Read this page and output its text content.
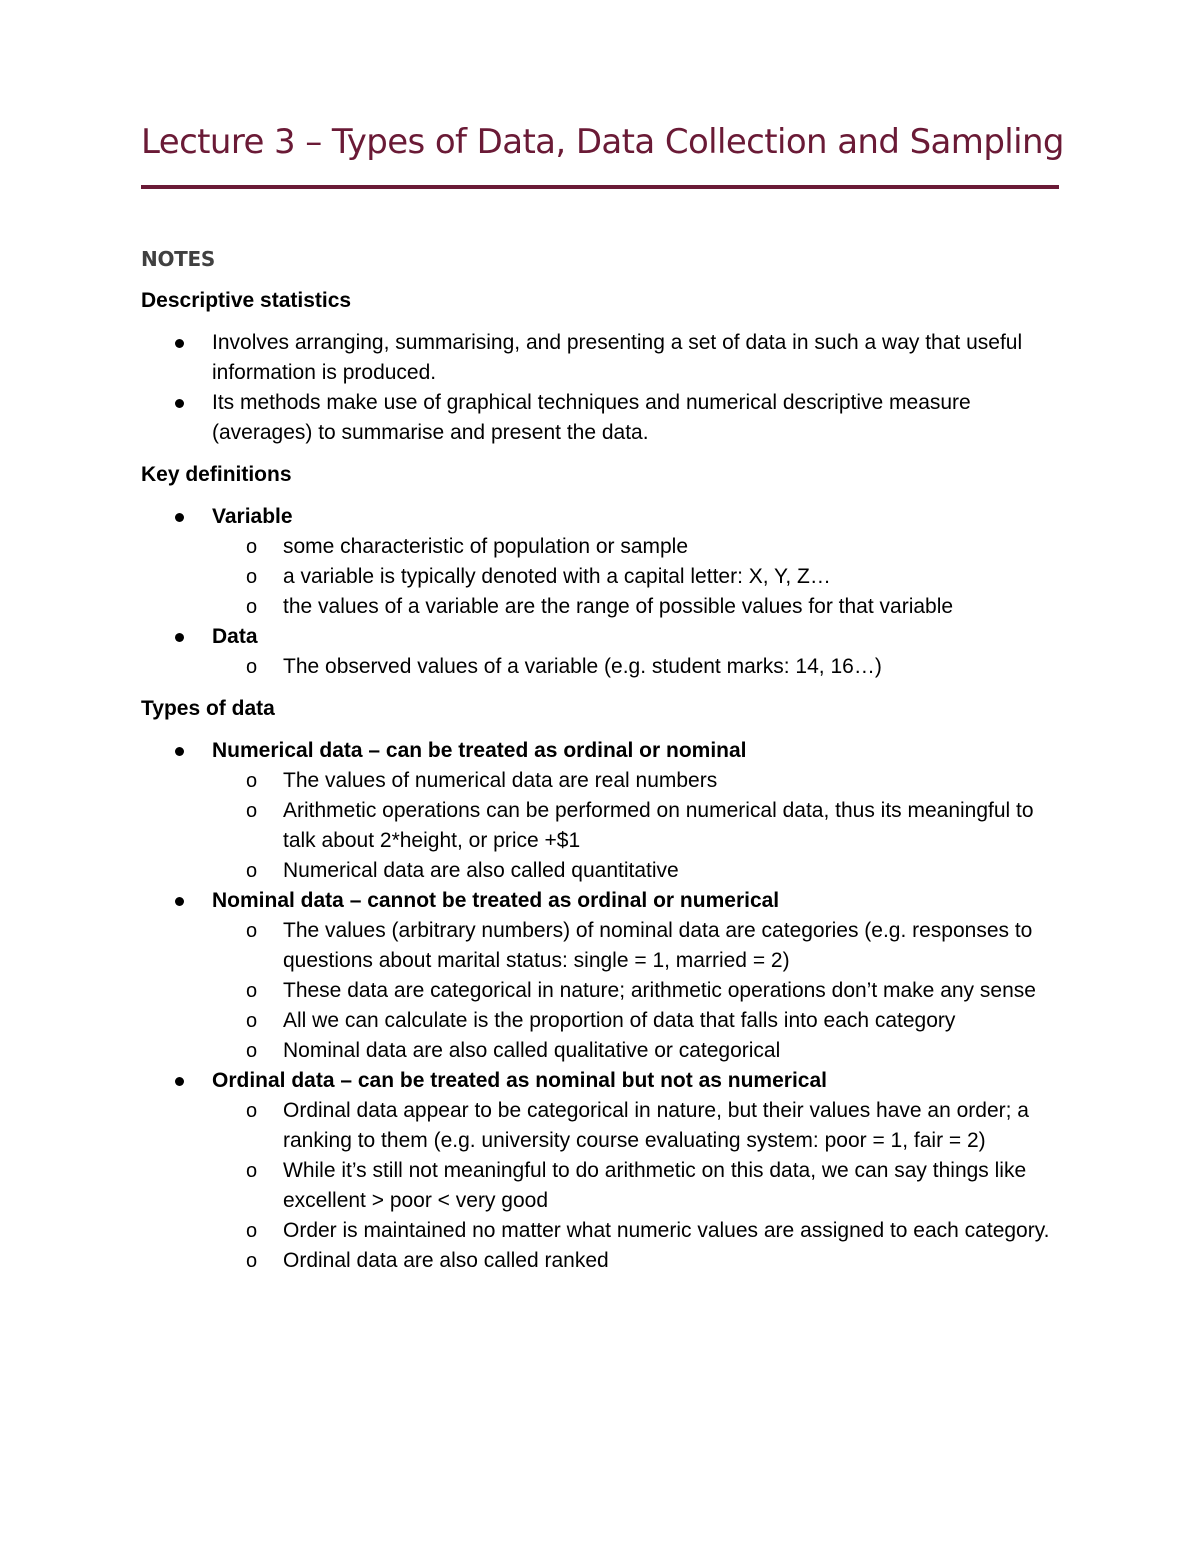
Lecture 3 – Types of Data, Data Collection and Sampling
NOTES
Descriptive statistics
Involves arranging, summarising, and presenting a set of data in such a way that useful information is produced.
Its methods make use of graphical techniques and numerical descriptive measure (averages) to summarise and present the data.
Key definitions
Variable
o	some characteristic of population or sample
o	a variable is typically denoted with a capital letter: X, Y, Z…
o	the values of a variable are the range of possible values for that variable
Data
o	The observed values of a variable (e.g. student marks: 14, 16…)
Types of data
Numerical data – can be treated as ordinal or nominal
o	The values of numerical data are real numbers
o	Arithmetic operations can be performed on numerical data, thus its meaningful to talk about 2*height, or price +$1
o	Numerical data are also called quantitative
Nominal data – cannot be treated as ordinal or numerical
o	The values (arbitrary numbers) of nominal data are categories (e.g. responses to questions about marital status: single = 1, married = 2)
o	These data are categorical in nature; arithmetic operations don’t make any sense
o	All we can calculate is the proportion of data that falls into each category
o	Nominal data are also called qualitative or categorical
Ordinal data – can be treated as nominal but not as numerical
o	Ordinal data appear to be categorical in nature, but their values have an order; a ranking to them (e.g. university course evaluating system: poor = 1, fair = 2)
o	While it’s still not meaningful to do arithmetic on this data, we can say things like excellent > poor < very good
o	Order is maintained no matter what numeric values are assigned to each category.
o	Ordinal data are also called ranked
